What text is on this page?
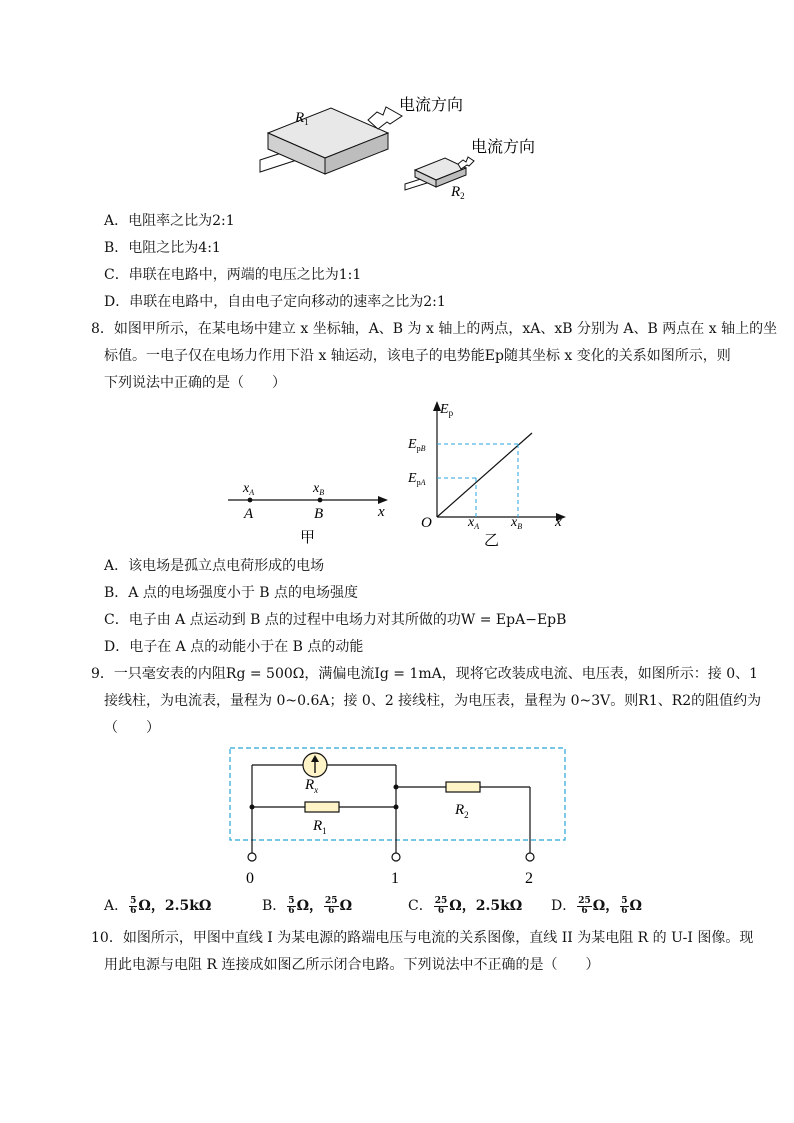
$R_1$
电流方向
$R_2$
电流方向
A．电阻率之比为2:1
B．电阻之比为4:1
C．串联在电路中，两端的电压之比为1:1
D．串联在电路中，自由电子定向移动的速率之比为2:1
8．如图甲所示，在某电场中建立 x 坐标轴，A、B 为 x 轴上的两点，xA、xB 分别为 A、B 两点在 x 轴上的坐
标值。一电子仅在电场力作用下沿 x 轴运动，该电子的电势能Ep随其坐标 x 变化的关系如图所示，则
下列说法中正确的是（　　）
$x_A$	$x_B$
A	B	x
甲
$E_p$
$E_pB$
$E_pA$
O	$x_A$ $x_B$ x
乙
A．该电场是孤立点电荷形成的电场
B．A 点的电场强度小于 B 点的电场强度
C．电子由 A 点运动到 B 点的过程中电场力对其所做的功W = EpA−EpB
D．电子在 A 点的动能小于在 B 点的动能
9．一只毫安表的内阻Rg = 500Ω，满偏电流Ig = 1mA，现将它改装成电流、电压表，如图所示：接 0、1
接线柱，为电流表，量程为 0~0.6A；接 0、2 接线柱，为电压表，量程为 0~3V。则R1、R2的阻值约为
（　　）
$R_x$
$R_1$
$R_2$
0	1	2
A． $\frac{5}{6}$ Ω，2.5kΩ	B． $\frac{5}{6}$ Ω， $\frac{25}{6}$ Ω	C． $\frac{25}{6}$ Ω，2.5kΩ D． $\frac{25}{6}$ Ω， $\frac{5}{6}$ Ω
10．如图所示，甲图中直线 I 为某电源的路端电压与电流的关系图像，直线 II 为某电阻 R 的 U-I 图像。现
用此电源与电阻 R 连接成如图乙所示闭合电路。下列说法中不正确的是（　　）
